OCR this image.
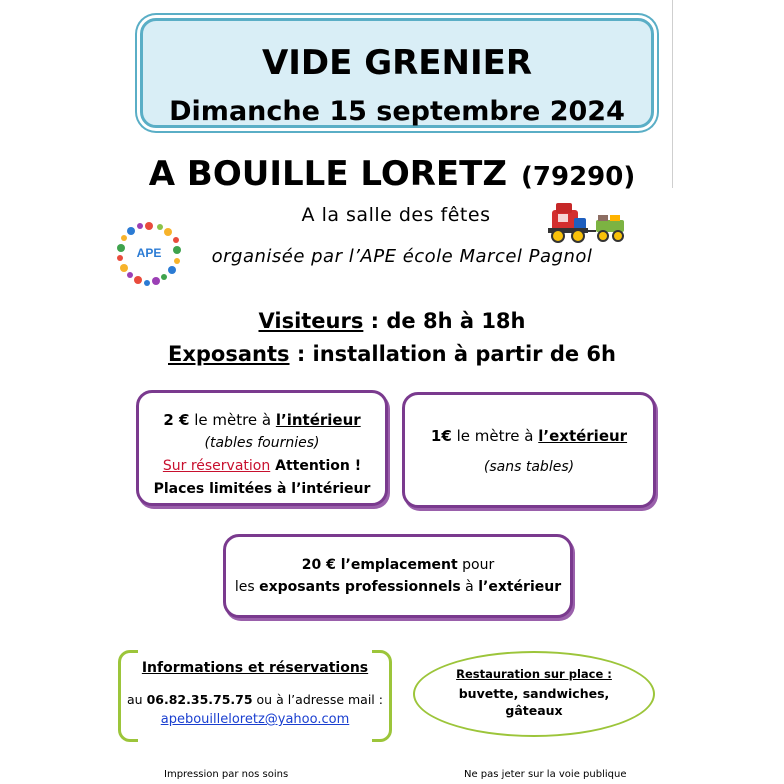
VIDE GRENIER
Dimanche 15 septembre 2024
A BOUILLE LORETZ (79290)
A la salle des fêtes
organisée par l’APE école Marcel Pagnol
APE
Visiteurs : de 8h à 18h
Exposants : installation à partir de 6h
2 € le mètre à l’intérieur
(tables fournies)
Sur réservation Attention !
Places limitées à l’intérieur
1€ le mètre à l’extérieur
(sans tables)
20 € l’emplacement pour
les exposants professionnels à l’extérieur
Informations et réservations
au 06.82.35.75.75 ou à l’adresse mail :
apebouilleloretz@yahoo.com
Restauration sur place :
buvette, sandwiches,
gâteaux
Impression par nos soins	Ne pas jeter sur la voie publique
